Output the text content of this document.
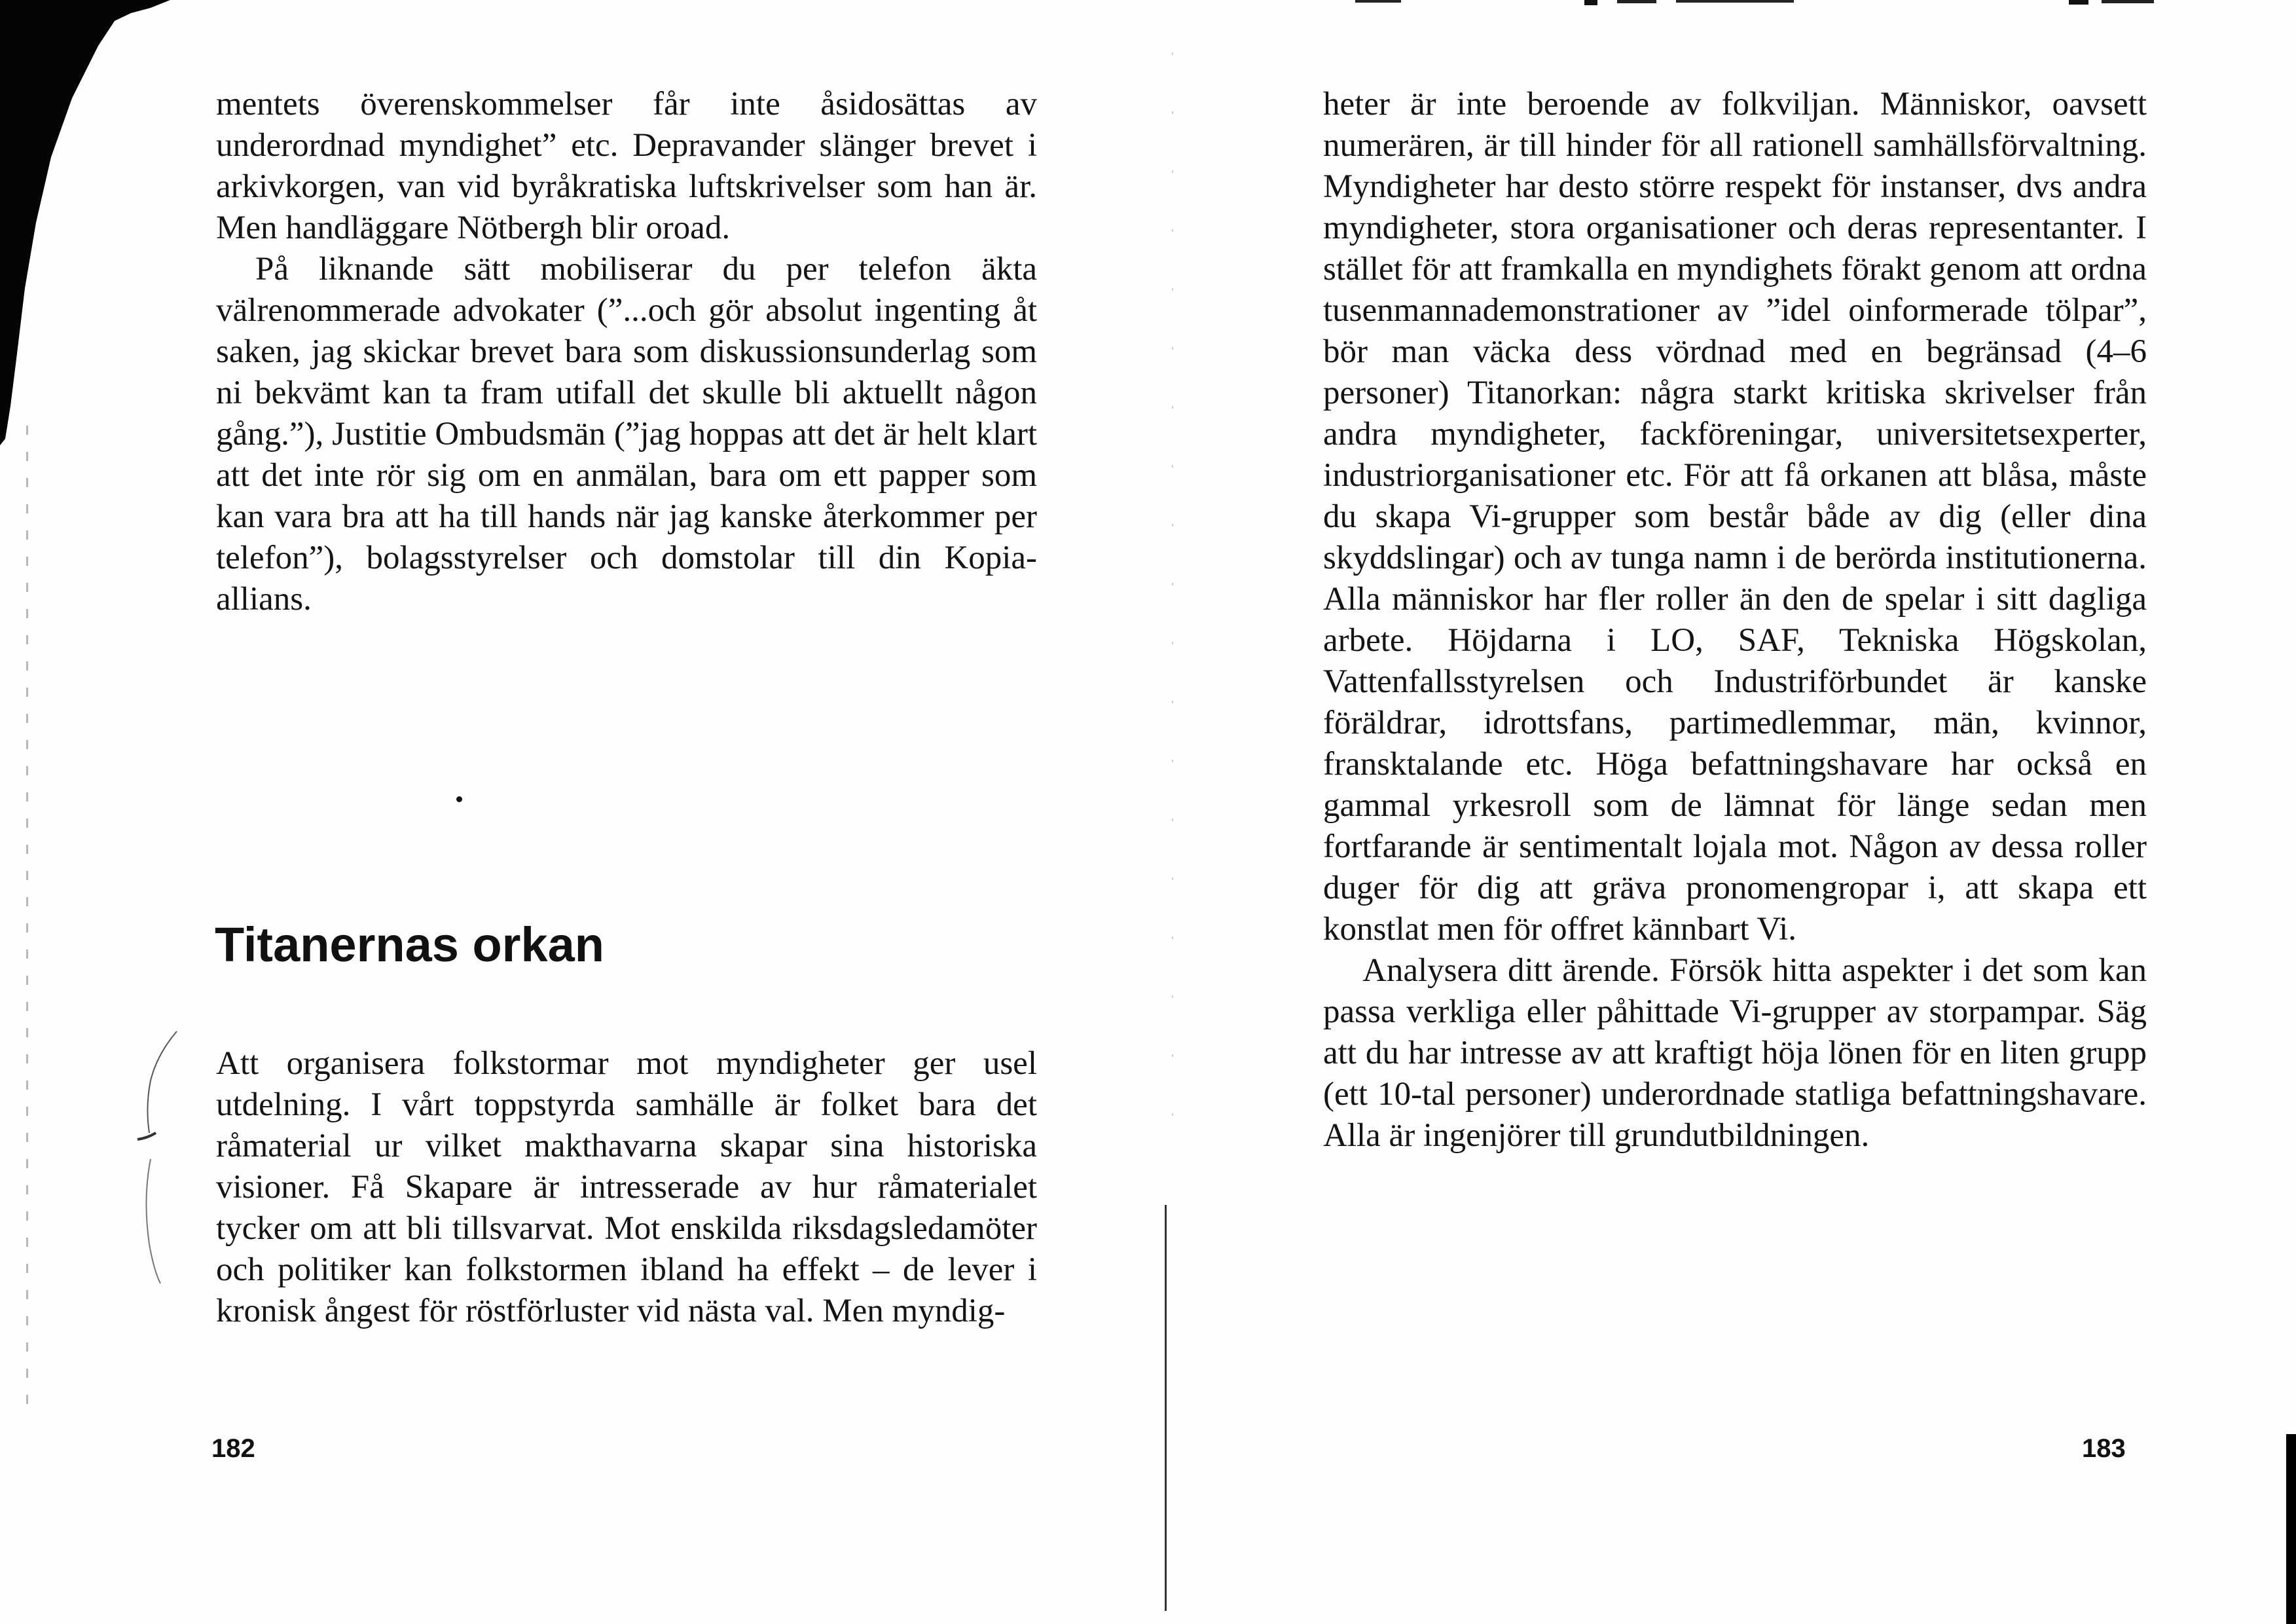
mentets överenskommelser får inte åsidosättas av underordnad myndighet” etc. Depravander slänger brevet i arkivkorgen, van vid byråkratiska luftskrivelser som han är. Men handläggare Nötbergh blir oroad.

På liknande sätt mobiliserar du per telefon äkta välrenommerade advokater (”...och gör absolut ingenting åt saken, jag skickar brevet bara som diskussionsunderlag som ni bekvämt kan ta fram utifall det skulle bli aktuellt någon gång.”), Justitie Ombudsmän (”jag hoppas att det är helt klart att det inte rör sig om en anmälan, bara om ett papper som kan vara bra att ha till hands när jag kanske återkommer per telefon”), bolagsstyrelser och domstolar till din Kopia-allians.

Titanernas orkan

Att organisera folkstormar mot myndigheter ger usel utdelning. I vårt toppstyrda samhälle är folket bara det råmaterial ur vilket makthavarna skapar sina historiska visioner. Få Skapare är intresserade av hur råmaterialet tycker om att bli tillsvarvat. Mot enskilda riksdagsledamöter och politiker kan folkstormen ibland ha effekt – de lever i kronisk ångest för röstförluster vid nästa val. Men myndig-

182

heter är inte beroende av folkviljan. Människor, oavsett numerären, är till hinder för all rationell samhällsförvaltning. Myndigheter har desto större respekt för instanser, dvs andra myndigheter, stora organisationer och deras representanter. I stället för att framkalla en myndighets förakt genom att ordna tusenmannademonstrationer av ”idel oinformerade tölpar”, bör man väcka dess vördnad med en begränsad (4–6 personer) Titanorkan: några starkt kritiska skrivelser från andra myndigheter, fackföreningar, universitetsexperter, industriorganisationer etc. För att få orkanen att blåsa, måste du skapa Vi-grupper som består både av dig (eller dina skyddslingar) och av tunga namn i de berörda institutionerna. Alla människor har fler roller än den de spelar i sitt dagliga arbete. Höjdarna i LO, SAF, Tekniska Högskolan, Vattenfallsstyrelsen och Industriförbundet är kanske föräldrar, idrottsfans, partimedlemmar, män, kvinnor, fransktalande etc. Höga befattningshavare har också en gammal yrkesroll som de lämnat för länge sedan men fortfarande är sentimentalt lojala mot. Någon av dessa roller duger för dig att gräva pronomengropar i, att skapa ett konstlat men för offret kännbart Vi.

Analysera ditt ärende. Försök hitta aspekter i det som kan passa verkliga eller påhittade Vi-grupper av storpampar. Säg att du har intresse av att kraftigt höja lönen för en liten grupp (ett 10-tal personer) underordnade statliga befattningshavare. Alla är ingenjörer till grundutbildningen.

183
